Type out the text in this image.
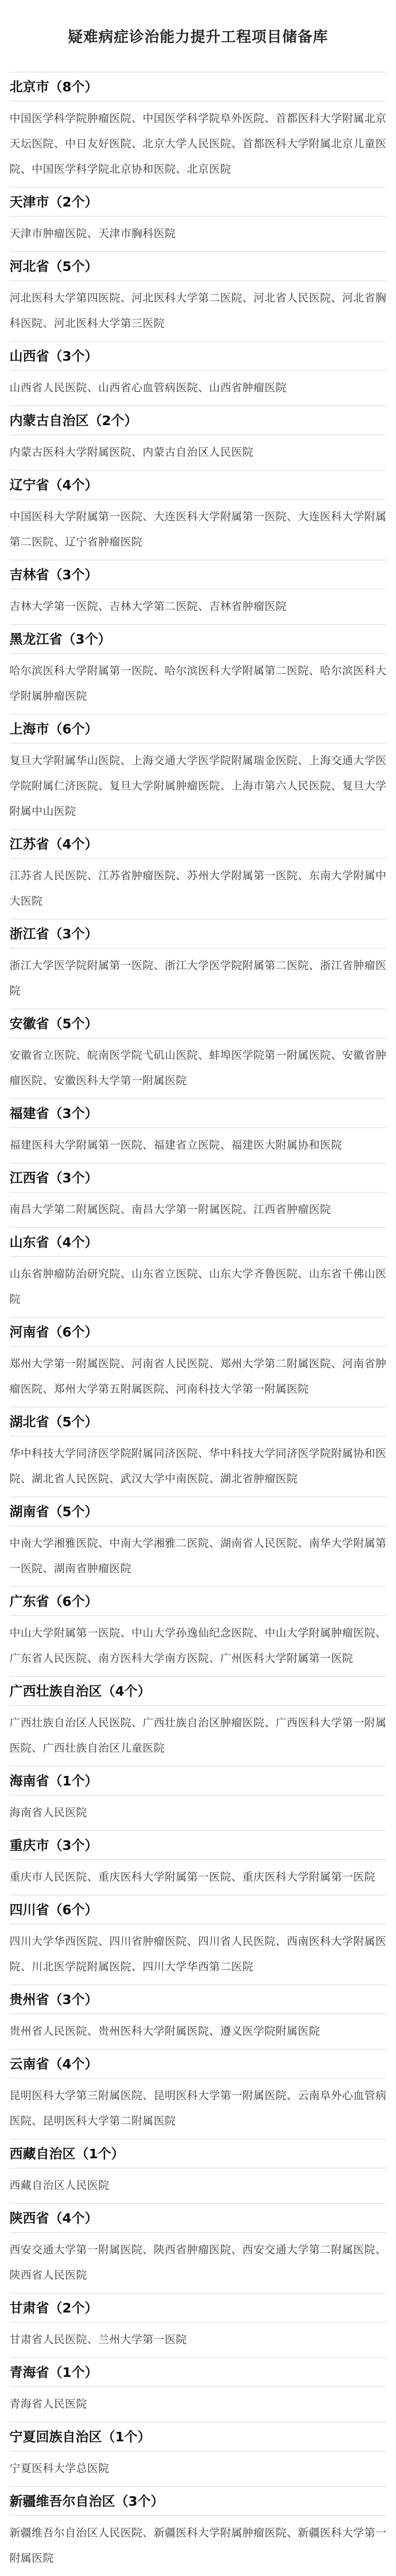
疑难病症诊治能力提升工程项目储备库
北京市（8个）

中国医学科学院肿瘤医院、中国医学科学院阜外医院、首都医科大学附属北京天坛医院、中日友好医院、北京大学人民医院、首都医科大学附属北京儿童医院、中国医学科学院北京协和医院、北京医院

天津市（2个）

天津市肿瘤医院、天津市胸科医院

河北省（5个）

河北医科大学第四医院、河北医科大学第二医院、河北省人民医院、河北省胸科医院、河北医科大学第三医院

山西省（3个）

山西省人民医院、山西省心血管病医院、山西省肿瘤医院

内蒙古自治区（2个）

内蒙古医科大学附属医院、内蒙古自治区人民医院

辽宁省（4个）

中国医科大学附属第一医院、大连医科大学附属第一医院、大连医科大学附属第二医院、辽宁省肿瘤医院

吉林省（3个）

吉林大学第一医院、吉林大学第二医院、吉林省肿瘤医院

黑龙江省（3个）

哈尔滨医科大学附属第一医院、哈尔滨医科大学附属第二医院、哈尔滨医科大学附属肿瘤医院

上海市（6个）

复旦大学附属华山医院、上海交通大学医学院附属瑞金医院、上海交通大学医学院附属仁济医院、复旦大学附属肿瘤医院、上海市第六人民医院、复旦大学附属中山医院

江苏省（4个）

江苏省人民医院、江苏省肿瘤医院、苏州大学附属第一医院、东南大学附属中大医院

浙江省（3个）

浙江大学医学院附属第一医院、浙江大学医学院附属第二医院、浙江省肿瘤医院

安徽省（5个）

安徽省立医院、皖南医学院弋矶山医院、蚌埠医学院第一附属医院、安徽省肿瘤医院、安徽医科大学第一附属医院

福建省（3个）

福建医科大学附属第一医院、福建省立医院、福建医大附属协和医院

江西省（3个）

南昌大学第二附属医院、南昌大学第一附属医院、江西省肿瘤医院

山东省（4个）

山东省肿瘤防治研究院、山东省立医院、山东大学齐鲁医院、山东省千佛山医院

河南省（6个）

郑州大学第一附属医院、河南省人民医院、郑州大学第二附属医院、河南省肿瘤医院、郑州大学第五附属医院、河南科技大学第一附属医院

湖北省（5个）

华中科技大学同济医学院附属同济医院、华中科技大学同济医学院附属协和医院、湖北省人民医院、武汉大学中南医院、湖北省肿瘤医院

湖南省（5个）

中南大学湘雅医院、中南大学湘雅二医院、湖南省人民医院、南华大学附属第一医院、湖南省肿瘤医院

广东省（6个）

中山大学附属第一医院、中山大学孙逸仙纪念医院、中山大学附属肿瘤医院、广东省人民医院、南方医科大学南方医院、广州医科大学附属第一医院

广西壮族自治区（4个）

广西壮族自治区人民医院、广西壮族自治区肿瘤医院、广西医科大学第一附属医院、广西壮族自治区儿童医院

海南省（1个）

海南省人民医院

重庆市（3个）

重庆市人民医院、重庆医科大学附属第一医院、重庆医科大学附属第一医院

四川省（6个）

四川大学华西医院、四川省肿瘤医院、四川省人民医院、西南医科大学附属医院、川北医学院附属医院、四川大学华西第二医院

贵州省（3个）

贵州省人民医院、贵州医科大学附属医院、遵义医学院附属医院

云南省（4个）

昆明医科大学第三附属医院、昆明医科大学第一附属医院、云南阜外心血管病医院、昆明医科大学第二附属医院

西藏自治区（1个）

西藏自治区人民医院

陕西省（4个）

西安交通大学第一附属医院、陕西省肿瘤医院、西安交通大学第二附属医院、陕西省人民医院

甘肃省（2个）

甘肃省人民医院、兰州大学第一医院

青海省（1个）

青海省人民医院

宁夏回族自治区（1个）

宁夏医科大学总医院

新疆维吾尔自治区（3个）

新疆维吾尔自治区人民医院、新疆医科大学附属肿瘤医院、新疆医科大学第一附属医院
